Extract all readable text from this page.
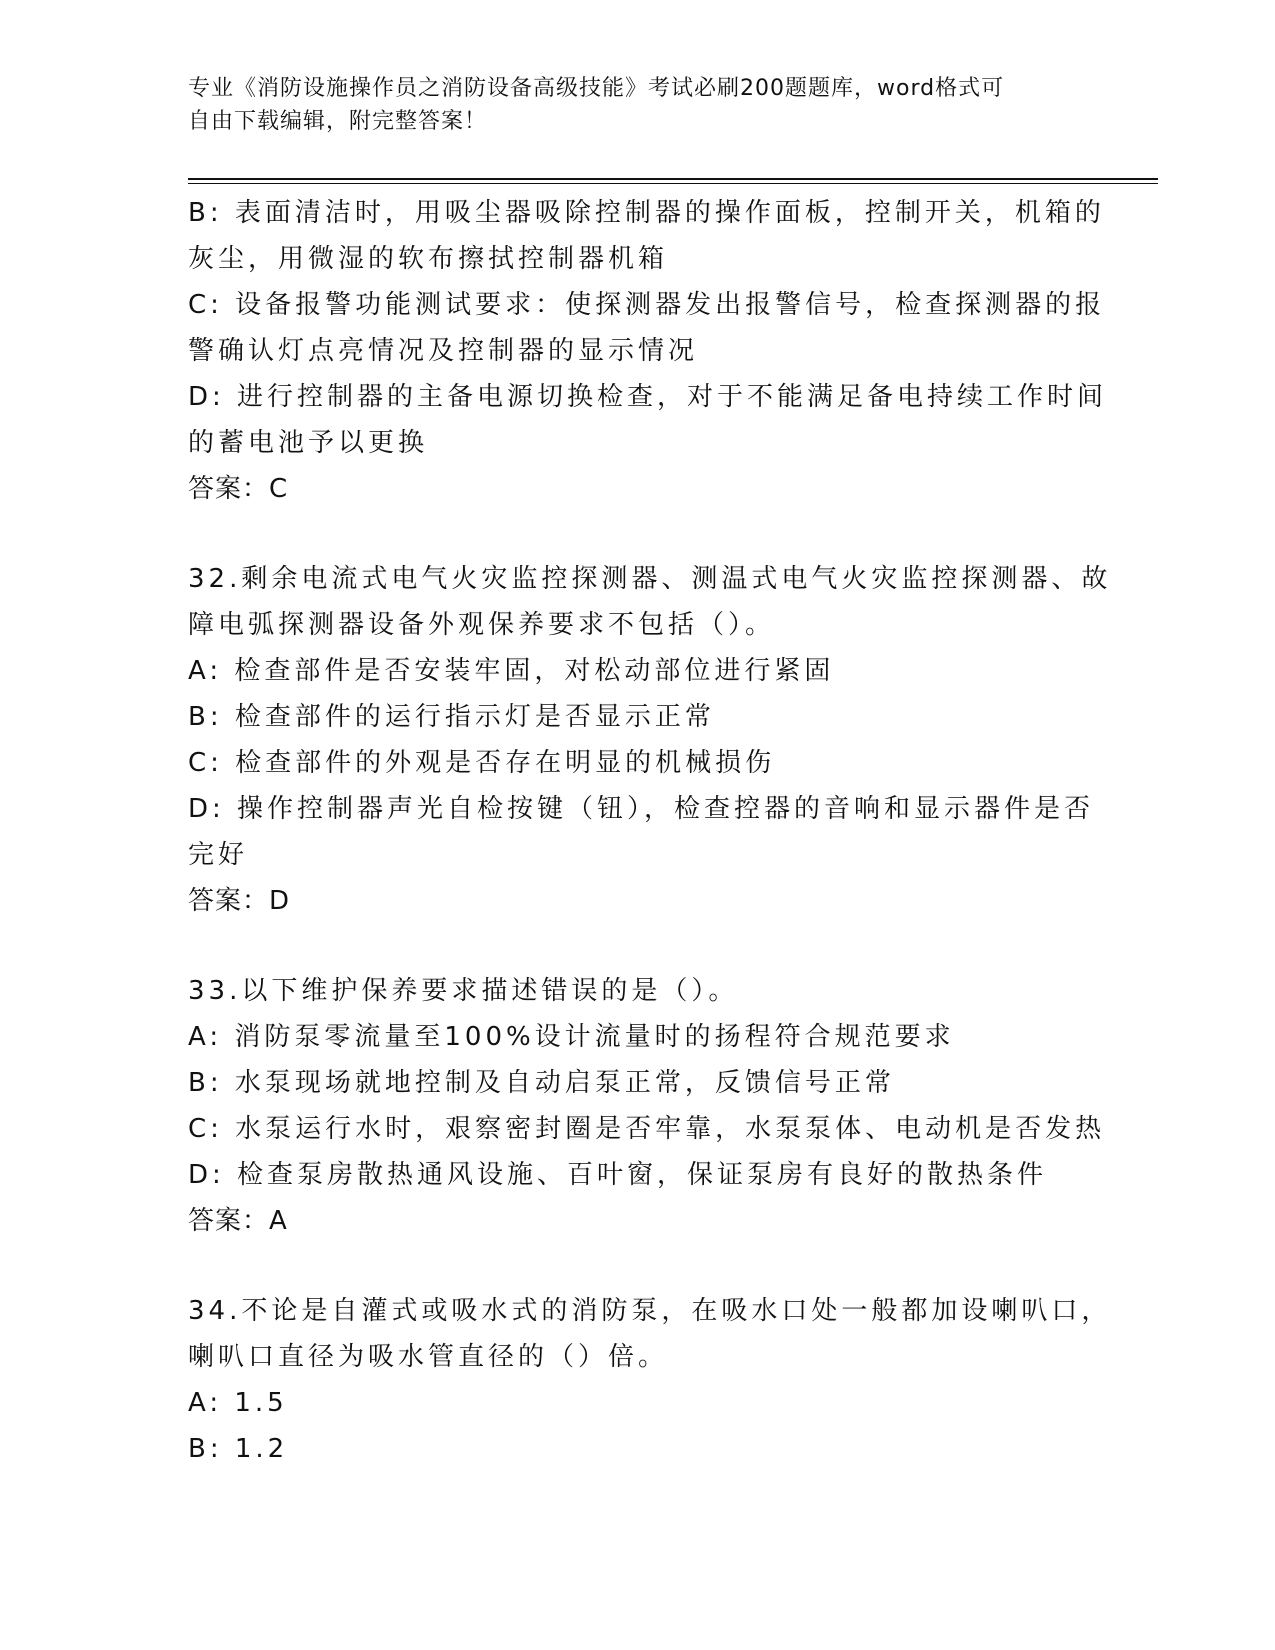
专业《消防设施操作员之消防设备高级技能》考试必刷200题题库，word格式可
自由下载编辑，附完整答案！
B: 表面清洁时，用吸尘器吸除控制器的操作面板，控制开关，机箱的
灰尘，用微湿的软布擦拭控制器机箱
C: 设备报警功能测试要求：使探测器发出报警信号，检查探测器的报
警确认灯点亮情况及控制器的显示情况
D: 进行控制器的主备电源切换检查，对于不能满足备电持续工作时间
的蓄电池予以更换
答案：C
32.剩余电流式电气火灾监控探测器、测温式电气火灾监控探测器、故
障电弧探测器设备外观保养要求不包括（）。
A: 检查部件是否安装牢固，对松动部位进行紧固
B: 检查部件的运行指示灯是否显示正常
C: 检查部件的外观是否存在明显的机械损伤
D: 操作控制器声光自检按键（钮），检查控器的音响和显示器件是否
完好
答案：D
33.以下维护保养要求描述错误的是（）。
A: 消防泵零流量至100%设计流量时的扬程符合规范要求
B: 水泵现场就地控制及自动启泵正常，反馈信号正常
C: 水泵运行水时，艰察密封圈是否牢靠，水泵泵体、电动机是否发热
D: 检查泵房散热通风设施、百叶窗，保证泵房有良好的散热条件
答案：A
34.不论是自灌式或吸水式的消防泵，在吸水口处一般都加设喇叭口，
喇叭口直径为吸水管直径的（）倍。
A: 1.5
B: 1.2
